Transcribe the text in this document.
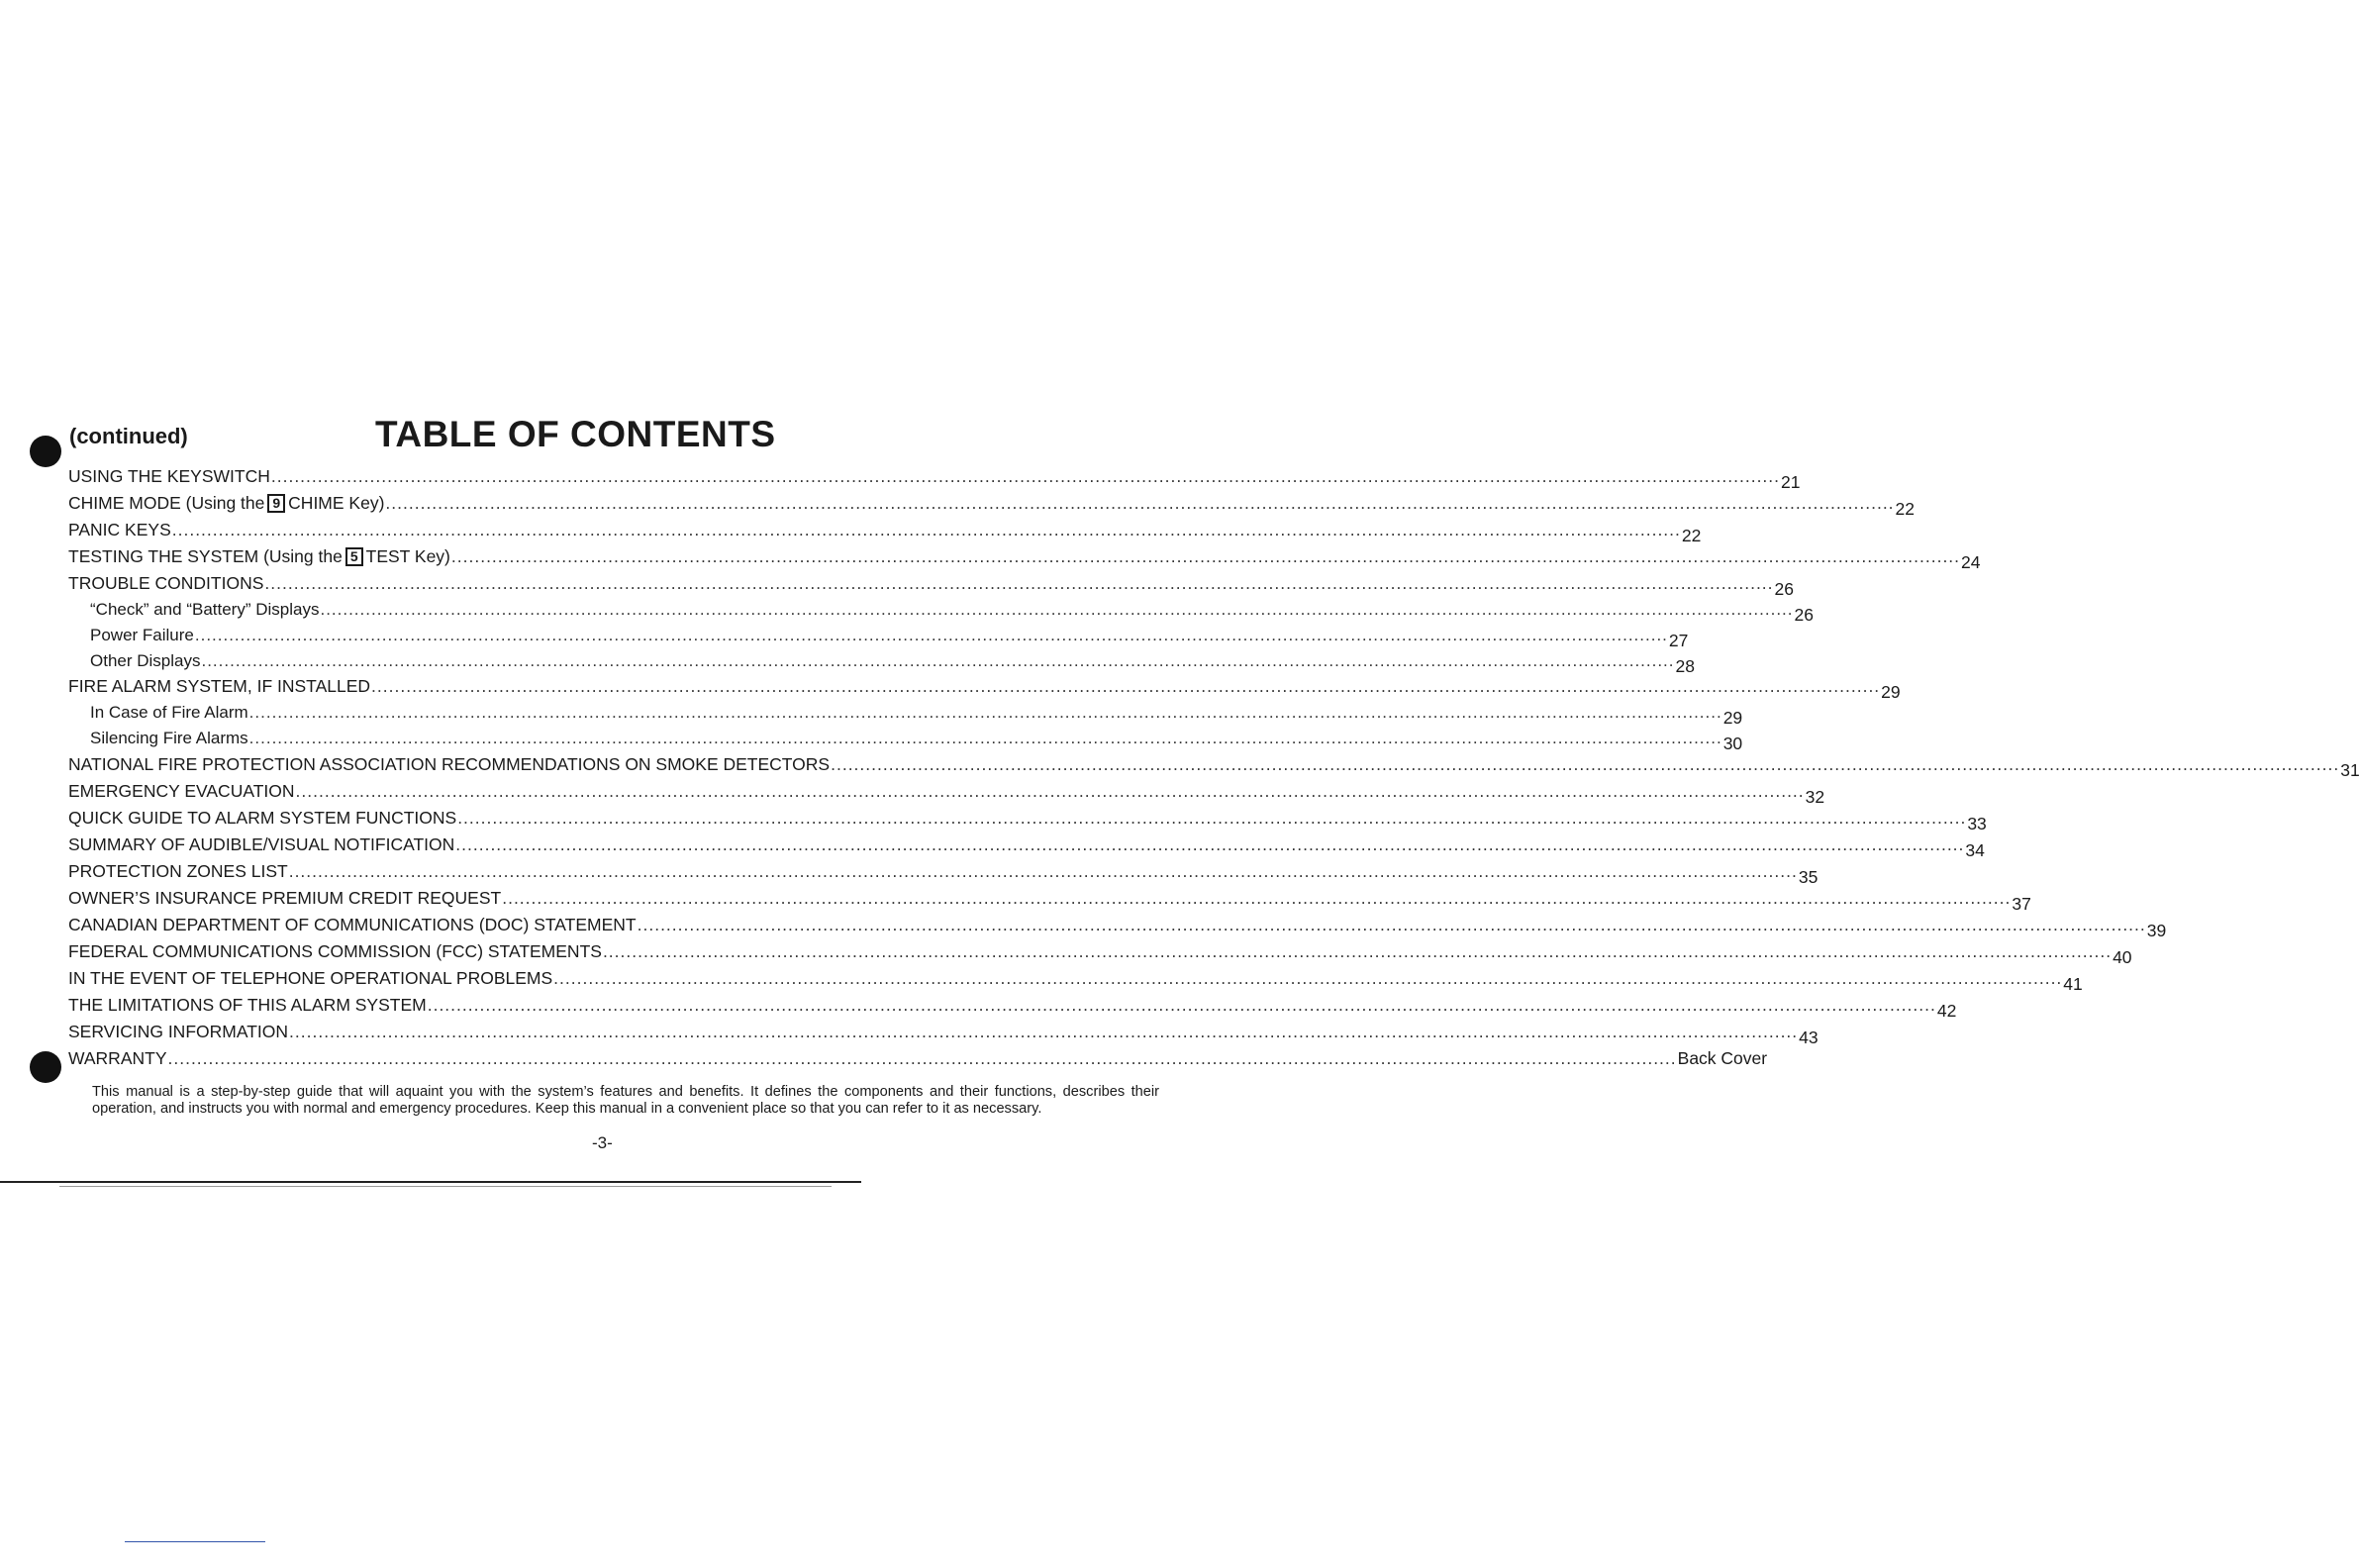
(continued)	TABLE OF CONTENTS
USING THE KEYSWITCH .................................................................................................................................................................................................................................................................... 21
CHIME MODE (Using the 9 CHIME Key) .................................................................................................................................................................................................................................................................... 22
PANIC KEYS .................................................................................................................................................................................................................................................................... 22
TESTING THE SYSTEM (Using the 5 TEST Key) .................................................................................................................................................................................................................................................................... 24
TROUBLE CONDITIONS .................................................................................................................................................................................................................................................................... 26
“Check” and “Battery” Displays .................................................................................................................................................................................................................................................................... 26
Power Failure .................................................................................................................................................................................................................................................................... 27
Other Displays .................................................................................................................................................................................................................................................................... 28
FIRE ALARM SYSTEM, IF INSTALLED .................................................................................................................................................................................................................................................................... 29
In Case of Fire Alarm .................................................................................................................................................................................................................................................................... 29
Silencing Fire Alarms .................................................................................................................................................................................................................................................................... 30
NATIONAL FIRE PROTECTION ASSOCIATION RECOMMENDATIONS ON SMOKE DETECTORS .................................................................................................................................................................................................................................................................... 31
EMERGENCY EVACUATION .................................................................................................................................................................................................................................................................... 32
QUICK GUIDE TO ALARM SYSTEM FUNCTIONS .................................................................................................................................................................................................................................................................... 33
SUMMARY OF AUDIBLE/VISUAL NOTIFICATION .................................................................................................................................................................................................................................................................... 34
PROTECTION ZONES LIST .................................................................................................................................................................................................................................................................... 35
OWNER’S INSURANCE PREMIUM CREDIT REQUEST .................................................................................................................................................................................................................................................................... 37
CANADIAN DEPARTMENT OF COMMUNICATIONS (DOC) STATEMENT .................................................................................................................................................................................................................................................................... 39
FEDERAL COMMUNICATIONS COMMISSION (FCC) STATEMENTS .................................................................................................................................................................................................................................................................... 40
IN THE EVENT OF TELEPHONE OPERATIONAL PROBLEMS .................................................................................................................................................................................................................................................................... 41
THE LIMITATIONS OF THIS ALARM SYSTEM .................................................................................................................................................................................................................................................................... 42
SERVICING INFORMATION .................................................................................................................................................................................................................................................................... 43
WARRANTY .................................................................................................................................................................................................................................................................... Back Cover
This manual is a step-by-step guide that will aquaint you with the system’s features and benefits. It defines the components and their functions, describes their operation, and instructs you with normal and emergency procedures. Keep this manual in a convenient place so that you can refer to it as necessary.
-3-
